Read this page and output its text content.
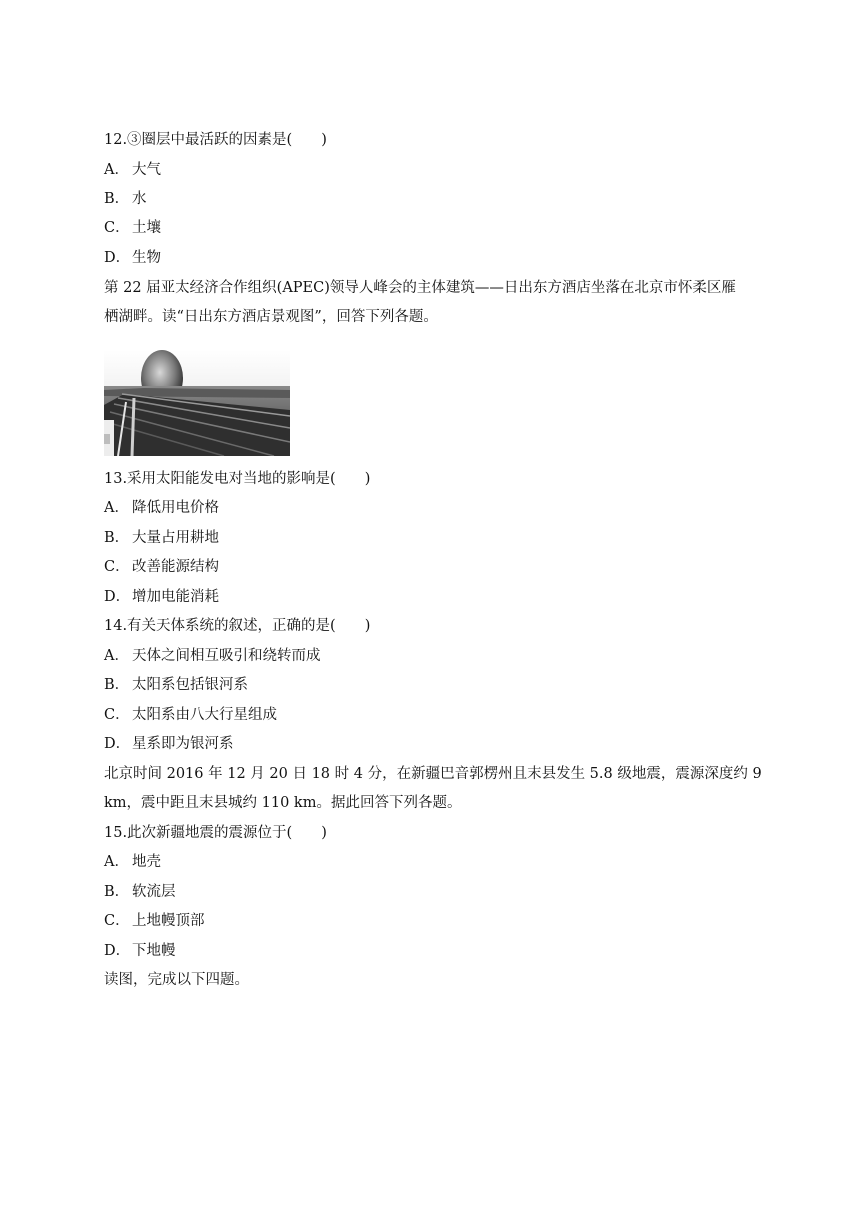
12.③圈层中最活跃的因素是(　　)
A． 大气
B． 水
C． 土壤
D． 生物
第 22 届亚太经济合作组织(APEC)领导人峰会的主体建筑——日出东方酒店坐落在北京市怀柔区雁
栖湖畔。读“日出东方酒店景观图”，回答下列各题。
13.采用太阳能发电对当地的影响是(　　)
A． 降低用电价格
B． 大量占用耕地
C． 改善能源结构
D． 增加电能消耗
14.有关天体系统的叙述，正确的是(　　)
A． 天体之间相互吸引和绕转而成
B． 太阳系包括银河系
C． 太阳系由八大行星组成
D． 星系即为银河系
北京时间 2016 年 12 月 20 日 18 时 4 分，在新疆巴音郭楞州且末县发生 5.8 级地震，震源深度约 9
km，震中距且末县城约 110 km。据此回答下列各题。
15.此次新疆地震的震源位于(　　)
A． 地壳
B． 软流层
C． 上地幔顶部
D． 下地幔
读图，完成以下四题。
